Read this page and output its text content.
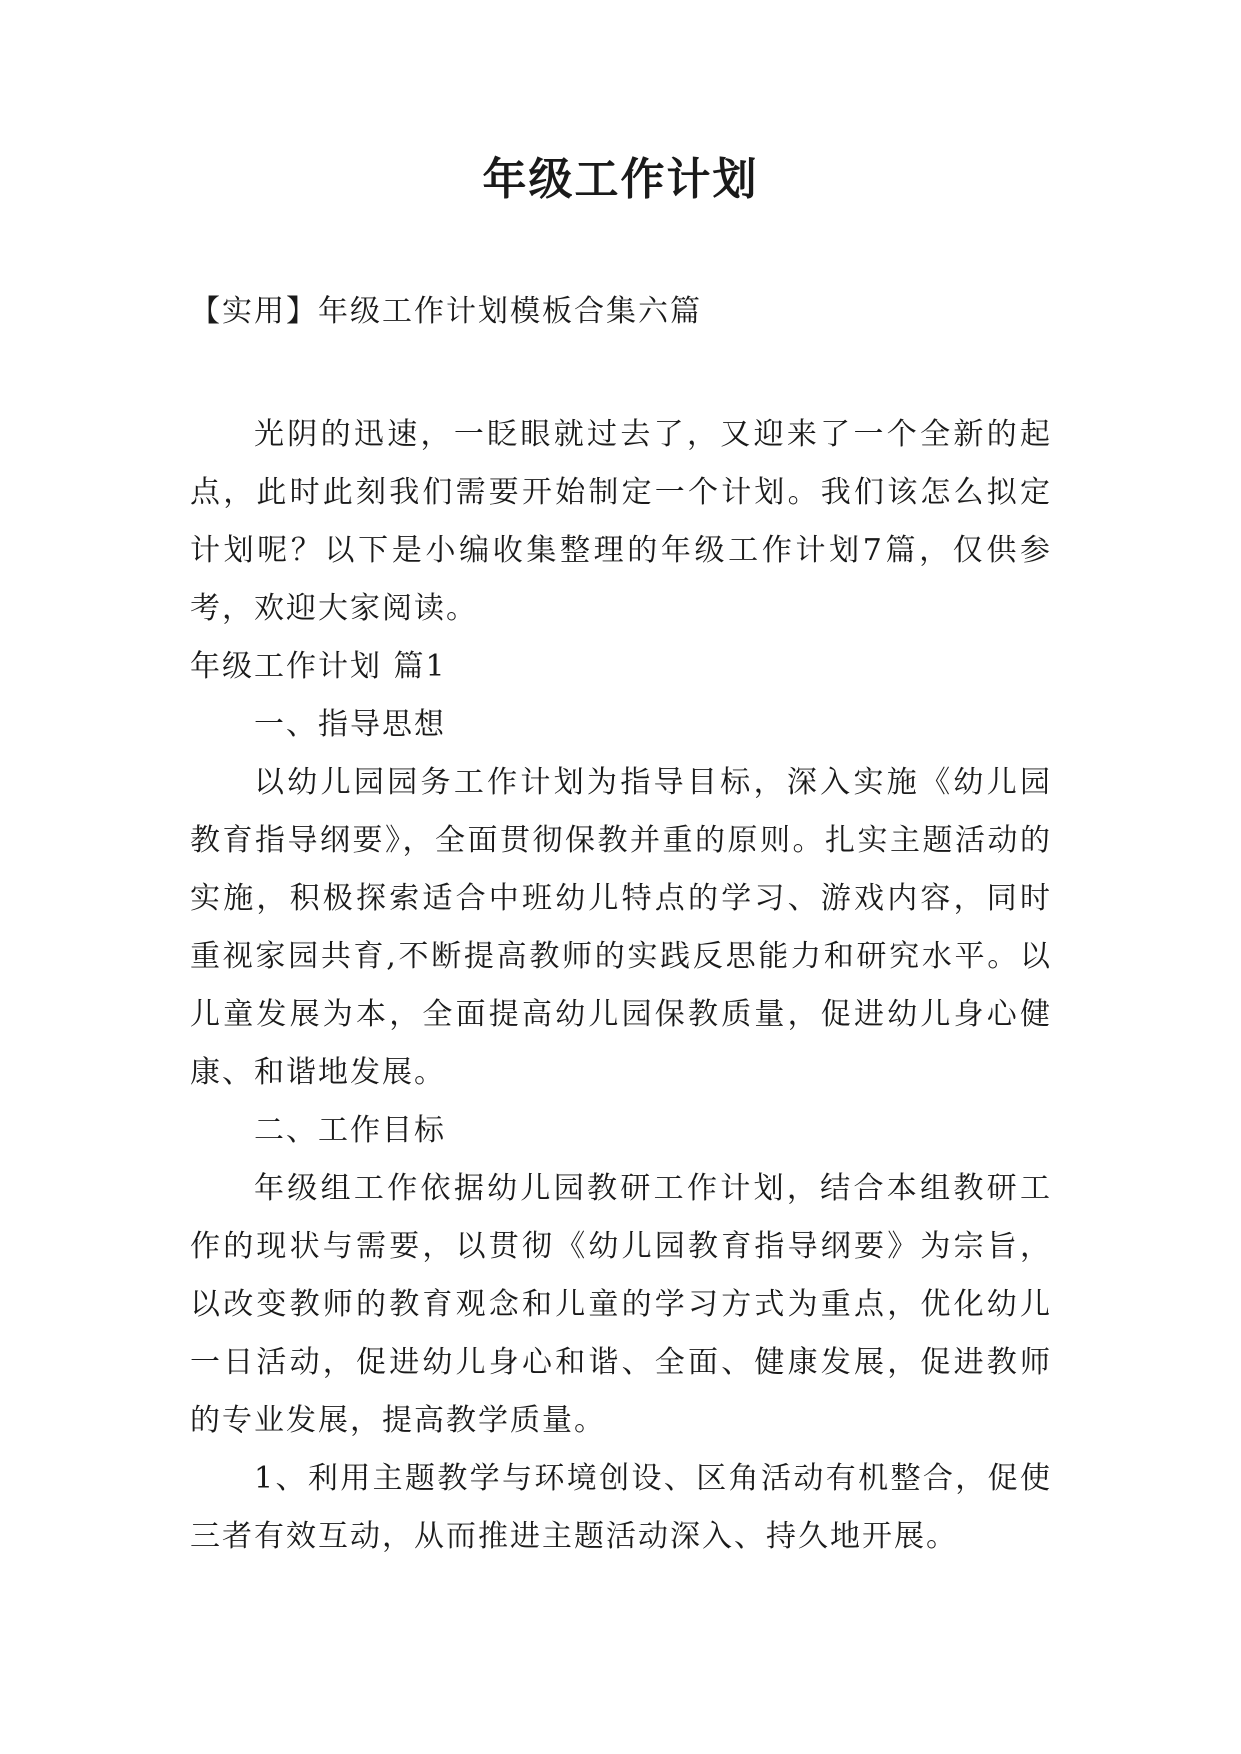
年级工作计划
【实用】年级工作计划模板合集六篇

光阴的迅速，一眨眼就过去了，又迎来了一个全新的起点，此时此刻我们需要开始制定一个计划。我们该怎么拟定计划呢？以下是小编收集整理的年级工作计划7篇，仅供参考，欢迎大家阅读。

年级工作计划 篇1

一、指导思想

以幼儿园园务工作计划为指导目标，深入实施《幼儿园教育指导纲要》，全面贯彻保教并重的原则。扎实主题活动的实施，积极探索适合中班幼儿特点的学习、游戏内容，同时重视家园共育,不断提高教师的实践反思能力和研究水平。以儿童发展为本，全面提高幼儿园保教质量，促进幼儿身心健康、和谐地发展。

二、工作目标

年级组工作依据幼儿园教研工作计划，结合本组教研工作的现状与需要，以贯彻《幼儿园教育指导纲要》为宗旨，以改变教师的教育观念和儿童的学习方式为重点，优化幼儿一日活动，促进幼儿身心和谐、全面、健康发展，促进教师的专业发展，提高教学质量。

1、利用主题教学与环境创设、区角活动有机整合，促使三者有效互动，从而推进主题活动深入、持久地开展。
